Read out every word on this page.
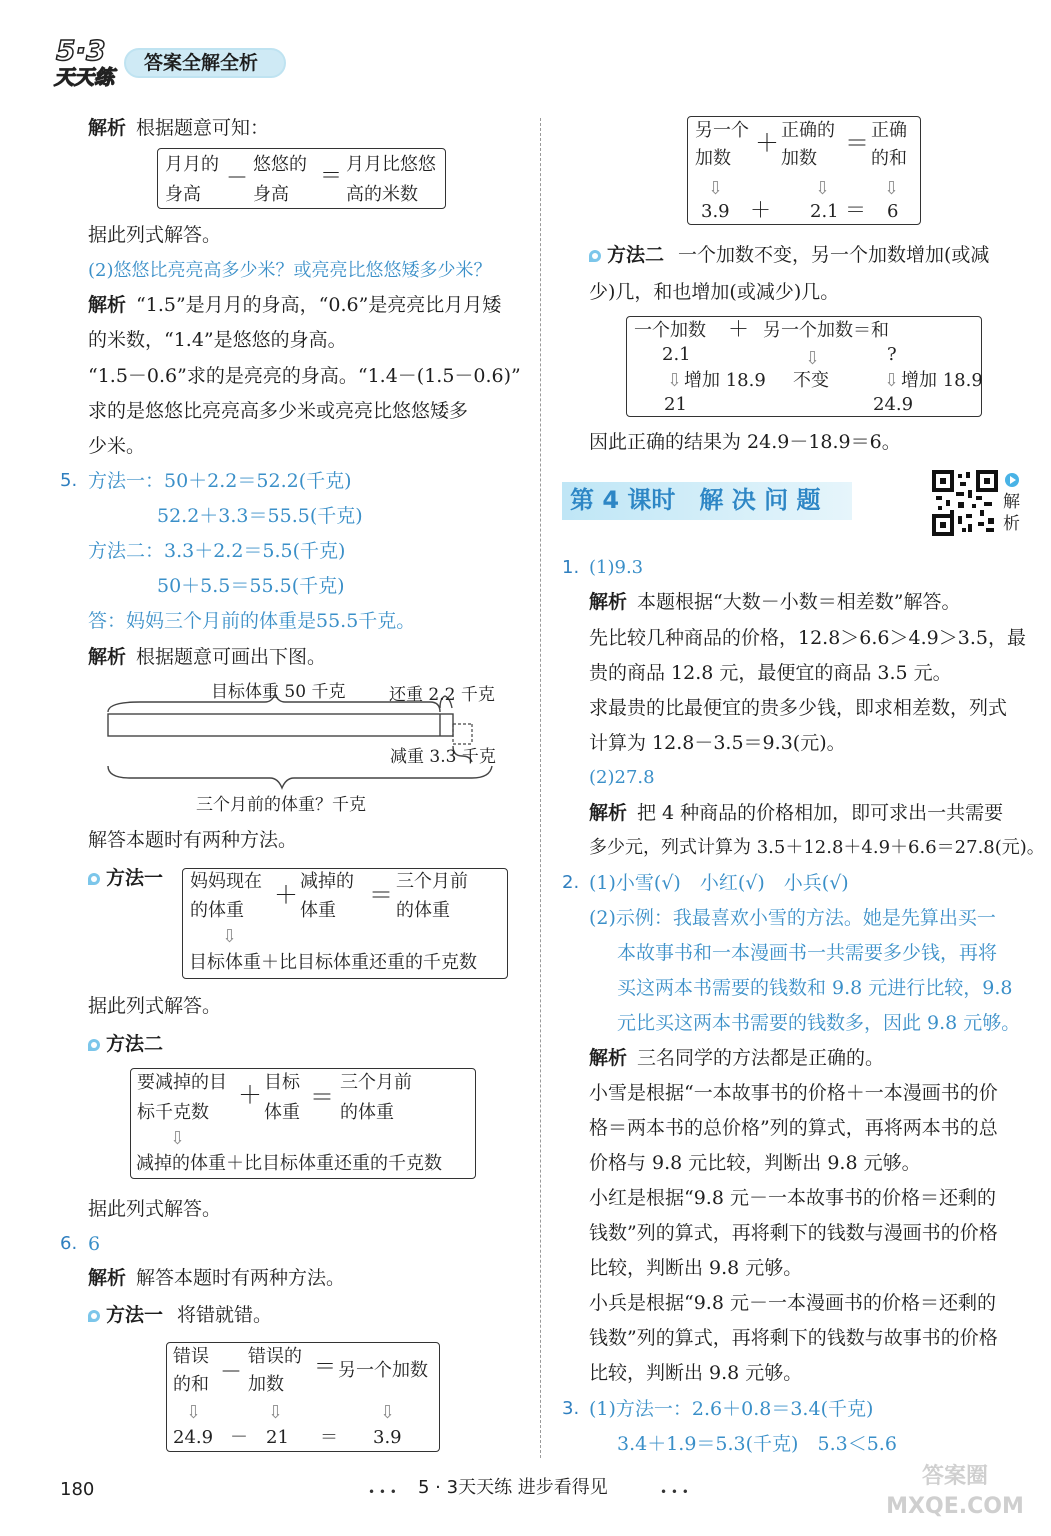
5·3
天天练
答案全解全析
解析 根据题意可知：
月月的
身高
－
悠悠的
身高
＝ 月月比悠悠
高的米数
据此列式解答。
(2)悠悠比亮亮高多少米？或亮亮比悠悠矮多少米？
解析 “1.5”是月月的身高，“0.6”是亮亮比月月矮
的米数，“1.4”是悠悠的身高。
“1.5－0.6”求的是亮亮的身高。“1.4－(1.5－0.6)”
求的是悠悠比亮亮高多少米或亮亮比悠悠矮多
少米。
5. 方法一：50＋2.2＝52.2(千克)
52.2＋3.3＝55.5(千克)
方法二：3.3＋2.2＝5.5(千克)
50＋5.5＝55.5(千克)
答：妈妈三个月前的体重是55.5千克。
解析 根据题意可画出下图。
目标体重 50 千克	还重 2.2 千克
减重 3.3 千克
三个月前的体重？千克
解答本题时有两种方法。
方法一 妈妈现在
的体重
＋ 减掉的
体重
＝ 三个月前
的体重
⇩
目标体重＋比目标体重还重的千克数
据此列式解答。
方法二
要减掉的目
标千克数
＋ 目标
体重
＝
三个月前
的体重
⇩
减掉的体重＋比目标体重还重的千克数
据此列式解答。
6. 6
解析 解答本题时有两种方法。
方法一 将错就错。
错误
的和 －
错误的
加数
＝ 另一个加数
⇩	⇩	⇩
24.9 － 21 ＝ 3.9
另一个
加数
＋ 正确的
加数
＝ 正确
的和
⇩	⇩	⇩
3.9 ＋ 2.1 ＝ 6
方法二 一个加数不变，另一个加数增加(或减
少)几，和也增加(或减少)几。
一个加数 ＋ 另一个加数＝和
2.1	⇩	?
⇩ 增加 18.9 不变	⇩ 增加 18.9
21	24.9
因此正确的结果为 24.9－18.9＝6。
第 4 课时　解 决 问 题	解
析
1. (1)9.3
解析 本题根据“大数－小数＝相差数”解答。
先比较几种商品的价格，12.8＞6.6＞4.9＞3.5，最
贵的商品 12.8 元，最便宜的商品 3.5 元。
求最贵的比最便宜的贵多少钱，即求相差数，列式
计算为 12.8－3.5＝9.3(元)。
(2)27.8
解析 把 4 种商品的价格相加，即可求出一共需要
多少元，列式计算为 3.5＋12.8＋4.9＋6.6＝27.8(元)。
2. (1)小雪(√)　小红(√)　小兵(√)
(2)示例：我最喜欢小雪的方法。她是先算出买一
本故事书和一本漫画书一共需要多少钱，再将
买这两本书需要的钱数和 9.8 元进行比较，9.8
元比买这两本书需要的钱数多，因此 9.8 元够。
解析 三名同学的方法都是正确的。
小雪是根据“一本故事书的价格＋一本漫画书的价
格＝两本书的总价格”列的算式，再将两本书的总
价格与 9.8 元比较，判断出 9.8 元够。
小红是根据“9.8 元－一本故事书的价格＝还剩的
钱数”列的算式，再将剩下的钱数与漫画书的价格
比较，判断出 9.8 元够。
小兵是根据“9.8 元－一本漫画书的价格＝还剩的
钱数”列的算式，再将剩下的钱数与故事书的价格
比较，判断出 9.8 元够。
3. (1)方法一：2.6＋0.8＝3.4(千克)
3.4＋1.9＝5.3(千克)　5.3＜5.6
180	• • • 5 · 3天天练 进步看得见	• • •
答案圈 MXQE.COM
